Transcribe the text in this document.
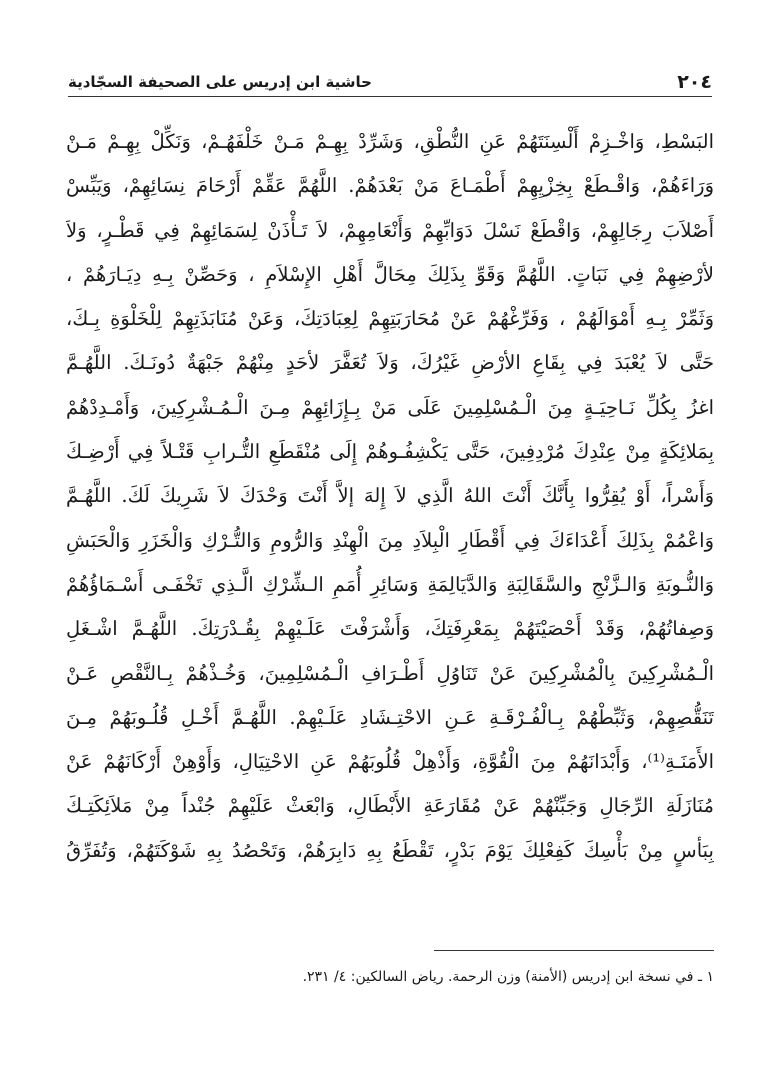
٢٠٤
حاشية ابن إدريس على الصحيفة السجّادية
البَسْطِ، وَاخْـزِمْ أَلْسِنَتَهُمْ عَنِ النُّطْقِ، وَشَرِّدْ بِهِـمْ مَـنْ خَلْفَهُـمْ، وَنَكِّلْ بِهِـمْ مَـنْ
وَرَاءَهُمْ، وَاقْـطَعْ بِخِزْيِهِمْ أَطْمَـاعَ مَنْ بَعْدَهُمْ. اللَّهُمَّ عَقِّمْ أَرْحَامَ نِسَائِهِمْ، وَيَبِّسْ
أَصْلاَبَ رِجَالِهِمْ، وَاقْطَعْ نَسْلَ دَوَابِّهِمْ وَأَنْعَامِهِمْ، لاَ تَـأْذَنْ لِسَمَائِهِمْ فِي قَطْـرٍ، وَلاَ
لأرْضِهِمْ فِي نَبَاتٍ. اللَّهُمَّ وَقَوِّ بِذَلِكَ مِحَالَّ أَهْلِ الإِسْلاَمِ ، وَحَصِّنْ بِـهِ دِيَـارَهُمْ ،
وَثَمِّرْ بِـهِ أَمْوَالَهُمْ ، وَفَرِّغْهُمْ عَنْ مُحَارَبَتِهِمْ لِعِبَادَتِكَ، وَعَنْ مُنَابَذَتِهِمْ لِلْخَلْوَةِ بِـكَ،
حَتَّى لاَ يُعْبَدَ فِي بِقَاعِ الأرْضِ غَيْرُكَ، وَلاَ تُعَفَّرَ لأحَدٍ مِنْهُمْ جَبْهَةٌ دُونَـكَ. اللَّهُـمَّ
اغزُ بِكُلِّ نَـاحِيَـةٍ مِنَ الْـمُسْلِمِينَ عَلَى مَنْ بِـإِزَائِهِمْ مِـنَ الْـمُـشْرِكِينَ، وَأَمْـدِدْهُمْ
بِمَلائِكَةٍ مِنْ عِنْدِكَ مُرْدِفِينَ، حَتَّى يَكْشِفُـوهُمْ إِلَى مُنْقَطَعِ التُّـرابِ قَتْـلاً فِي أَرْضِـكَ
وَأَسْراً، أَوْ يُقِرُّوا بِأَنَّكَ أَنْتَ اللهُ الَّذِي لاَ إِلهَ إلاَّ أَنْتَ وَحْدَكَ لاَ شَرِيكَ لَكَ. اللَّهُـمَّ
وَاعْمُمْ بِذَلِكَ أَعْدَاءَكَ فِي أَقْطَارِ الْبِلاَدِ مِنَ الْهِنْدِ وَالرُّومِ وَالتُّـرْكِ وَالْخَزَرِ وَالْحَبَشِ
وَالنُّـوبَةِ وَالـزَّنْجِ والسَّقَالِبَةِ وَالدَّيَالِمَةِ وَسَائِرِ أُمَمِ الـشِّرْكِ الَّـذِي تَخْفَـى أَسْـمَاؤُهُمْ
وَصِفاتُهُمْ، وَقَدْ أَحْصَيْتَهُمْ بِمَعْرِفَتِكَ، وَأَشْرَفْتَ عَلَـيْهِمْ بِقُـدْرَتِكَ. اللَّهُـمَّ اشْـغَلِ
الْـمُشْرِكِينَ بِالْمُشْرِكِينَ عَنْ تَنَاوُلِ أَطْـرَافِ الْـمُسْلِمِينَ، وَخُـذْهُمْ بِـالنَّقْصِ عَـنْ
تَنَقُّصِهِمْ، وَثَبِّطْهُمْ بِـالْفُـرْقَـةِ عَـنِ الاحْتِـشَادِ عَلَـيْهِمْ. اللَّهُـمَّ أَخْـلِ قُلُـوبَهُمْ مِـنَ
الأَمَنَـةِ⁽¹⁾، وَأَبْدَانَهُمْ مِنَ الْقُوَّةِ، وَأَذْهِلْ قُلُوبَهُمْ عَنِ الاحْتِيَالِ، وَأَوْهِنْ أَرْكَانَهُمْ عَنْ
مُنَازَلَةِ الرِّجَالِ وَجَبِّنْهُمْ عَنْ مُقَارَعَةِ الأَبْطَالِ، وَابْعَثْ عَلَيْهِمْ جُنْداً مِنْ مَلاَئِكَتِـكَ
بِبَأسٍ مِنْ بَأْسِكَ كَفِعْلِكَ يَوْمَ بَدْرٍ، تَقْطَعُ بِهِ دَابِرَهُمْ، وَتَحْصُدُ بِهِ شَوْكَتَهُمْ، وَتُفَرِّقُ
١ ـ في نسخة ابن إدريس (الأمنة) وزن الرحمة. رياض السالكين: ٤/ ٢٣١.
